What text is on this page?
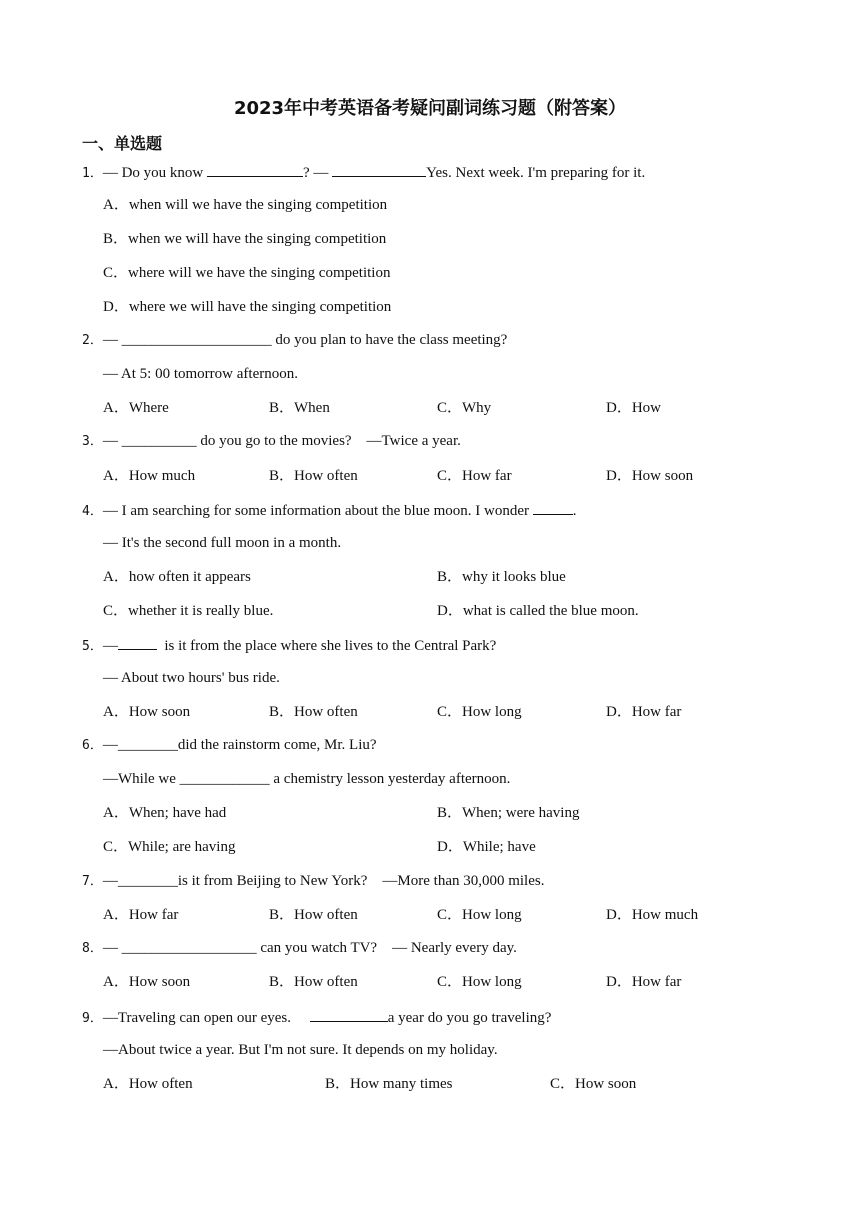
2023年中考英语备考疑问副词练习题（附答案）
一、单选题
1．— Do you know	? —	Yes. Next week. I'm preparing for it.
A．when will we have the singing competition
B．when we will have the singing competition
C．where will we have the singing competition
D．where we will have the singing competition
2．— ____________________ do you plan to have the class meeting?
— At 5: 00 tomorrow afternoon.
A．Where	B．When	C．Why	D．How
3．— __________ do you go to the movies?    —Twice a year.
A．How much	B．How often	C．How far	D．How soon
4．— I am searching for some information about the blue moon. I wonder	.
— It's the second full moon in a month.
A．how often it appears	B．why it looks blue
C．whether it is really blue.	D．what is called the blue moon.
5．—	is it from the place where she lives to the Central Park?
— About two hours' bus ride.
A．How soon	B．How often	C．How long	D．How far
6．—________did the rainstorm come, Mr. Liu?
—While we ____________ a chemistry lesson yesterday afternoon.
A．When; have had	B．When; were having
C．While; are having	D．While; have
7．—________is it from Beijing to New York?    —More than 30,000 miles.
A．How far	B．How often	C．How long	D．How much
8．— __________________ can you watch TV?    — Nearly every day.
A．How soon	B．How often	C．How long	D．How far
9．—Traveling can open our eyes.	a year do you go traveling?
—About twice a year. But I'm not sure. It depends on my holiday.
A．How often	B．How many times	C．How soon
